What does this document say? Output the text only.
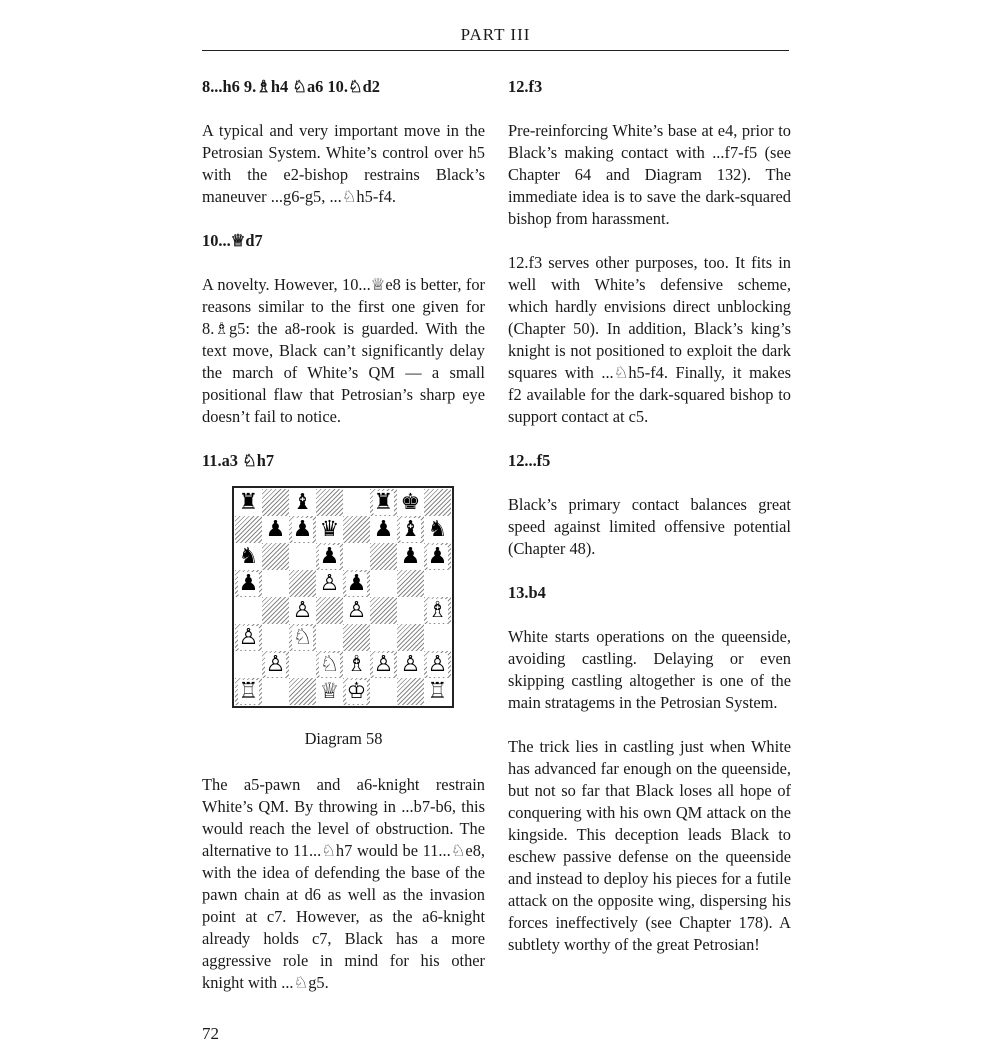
PART III
8...h6 9.♗h4 ♘a6 10.♘d2
A typical and very important move in the Petrosian System. White’s control over h5 with the e2-bishop restrains Black’s maneuver ...g6-g5, ...♘h5-f4.
10...♕d7
A novelty. However, 10...♕e8 is better, for reasons similar to the first one given for 8.♗g5: the a8-rook is guarded. With the text move, Black can’t significantly delay the march of White’s QM — a small positional flaw that Petrosian’s sharp eye doesn’t fail to notice.
11.a3 ♘h7
♜ ♝	♜ ♚
♟ ♟ ♛ ♟ ♝ ♞
♞	♟	♟ ♟
♟	♙ ♟
♙ ♙	♗
♙ ♘
♙ ♘ ♗ ♙ ♙ ♙
♖	♕ ♔	♖
Diagram 58
The a5-pawn and a6-knight restrain White’s QM. By throwing in ...b7-b6, this would reach the level of obstruction. The alternative to 11...♘h7 would be 11...♘e8, with the idea of defending the base of the pawn chain at d6 as well as the invasion point at c7. However, as the a6-knight already holds c7, Black has a more aggressive role in mind for his other knight with ...♘g5.
12.f3
Pre-reinforcing White’s base at e4, prior to Black’s making contact with ...f7-f5 (see Chapter 64 and Diagram 132). The immediate idea is to save the dark-squared bishop from harassment.
12.f3 serves other purposes, too. It fits in well with White’s defensive scheme, which hardly envisions direct unblocking (Chapter 50). In addition, Black’s king’s knight is not positioned to exploit the dark squares with ...♘h5-f4. Finally, it makes f2 available for the dark-squared bishop to support contact at c5.
12...f5
Black’s primary contact balances great speed against limited offensive potential (Chapter 48).
13.b4
White starts operations on the queenside, avoiding castling. Delaying or even skipping castling altogether is one of the main stratagems in the Petrosian System.
The trick lies in castling just when White has advanced far enough on the queenside, but not so far that Black loses all hope of conquering with his own QM attack on the kingside. This deception leads Black to eschew passive defense on the queenside and instead to deploy his pieces for a futile attack on the opposite wing, dispersing his forces ineffectively (see Chapter 178). A subtlety worthy of the great Petrosian!
72
